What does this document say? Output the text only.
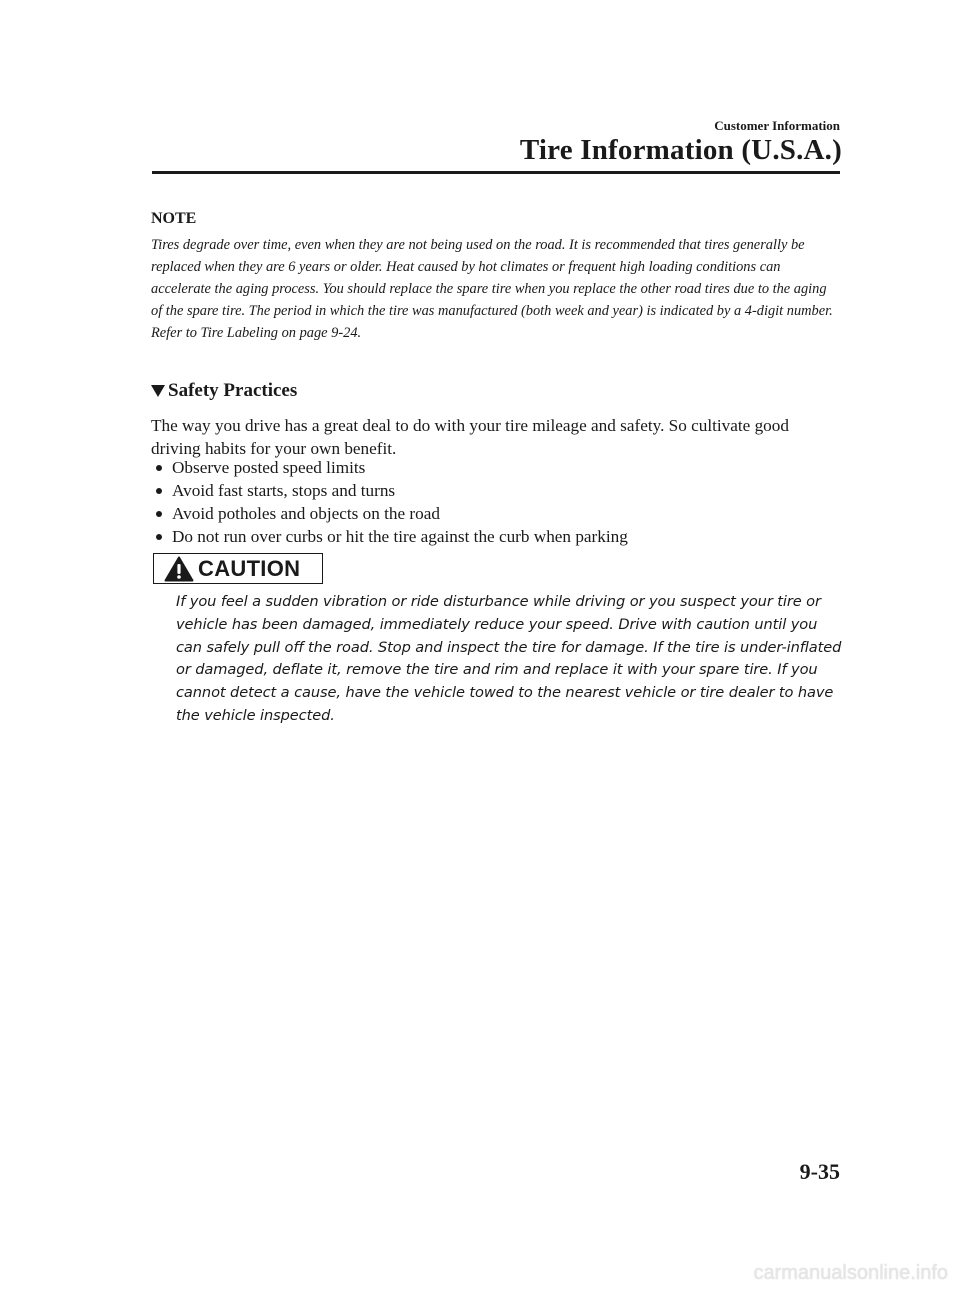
Customer Information
Tire Information (U.S.A.)
NOTE

Tires degrade over time, even when they are not being used on the road. It is recommended that tires generally be replaced when they are 6 years or older. Heat caused by hot climates or frequent high loading conditions can accelerate the aging process. You should replace the spare tire when you replace the other road tires due to the aging of the spare tire. The period in which the tire was manufactured (both week and year) is indicated by a 4-digit number.

Refer to Tire Labeling on page 9-24.

Safety Practices

The way you drive has a great deal to do with your tire mileage and safety. So cultivate good driving habits for your own benefit.

Observe posted speed limits
Avoid fast starts, stops and turns
Avoid potholes and objects on the road
Do not run over curbs or hit the tire against the curb when parking
CAUTION

If you feel a sudden vibration or ride disturbance while driving or you suspect your tire or vehicle has been damaged, immediately reduce your speed. Drive with caution until you can safely pull off the road. Stop and inspect the tire for damage. If the tire is under-inflated or damaged, deflate it, remove the tire and rim and replace it with your spare tire. If you cannot detect a cause, have the vehicle towed to the nearest vehicle or tire dealer to have the vehicle inspected.

9-35
carmanualsonline.info
